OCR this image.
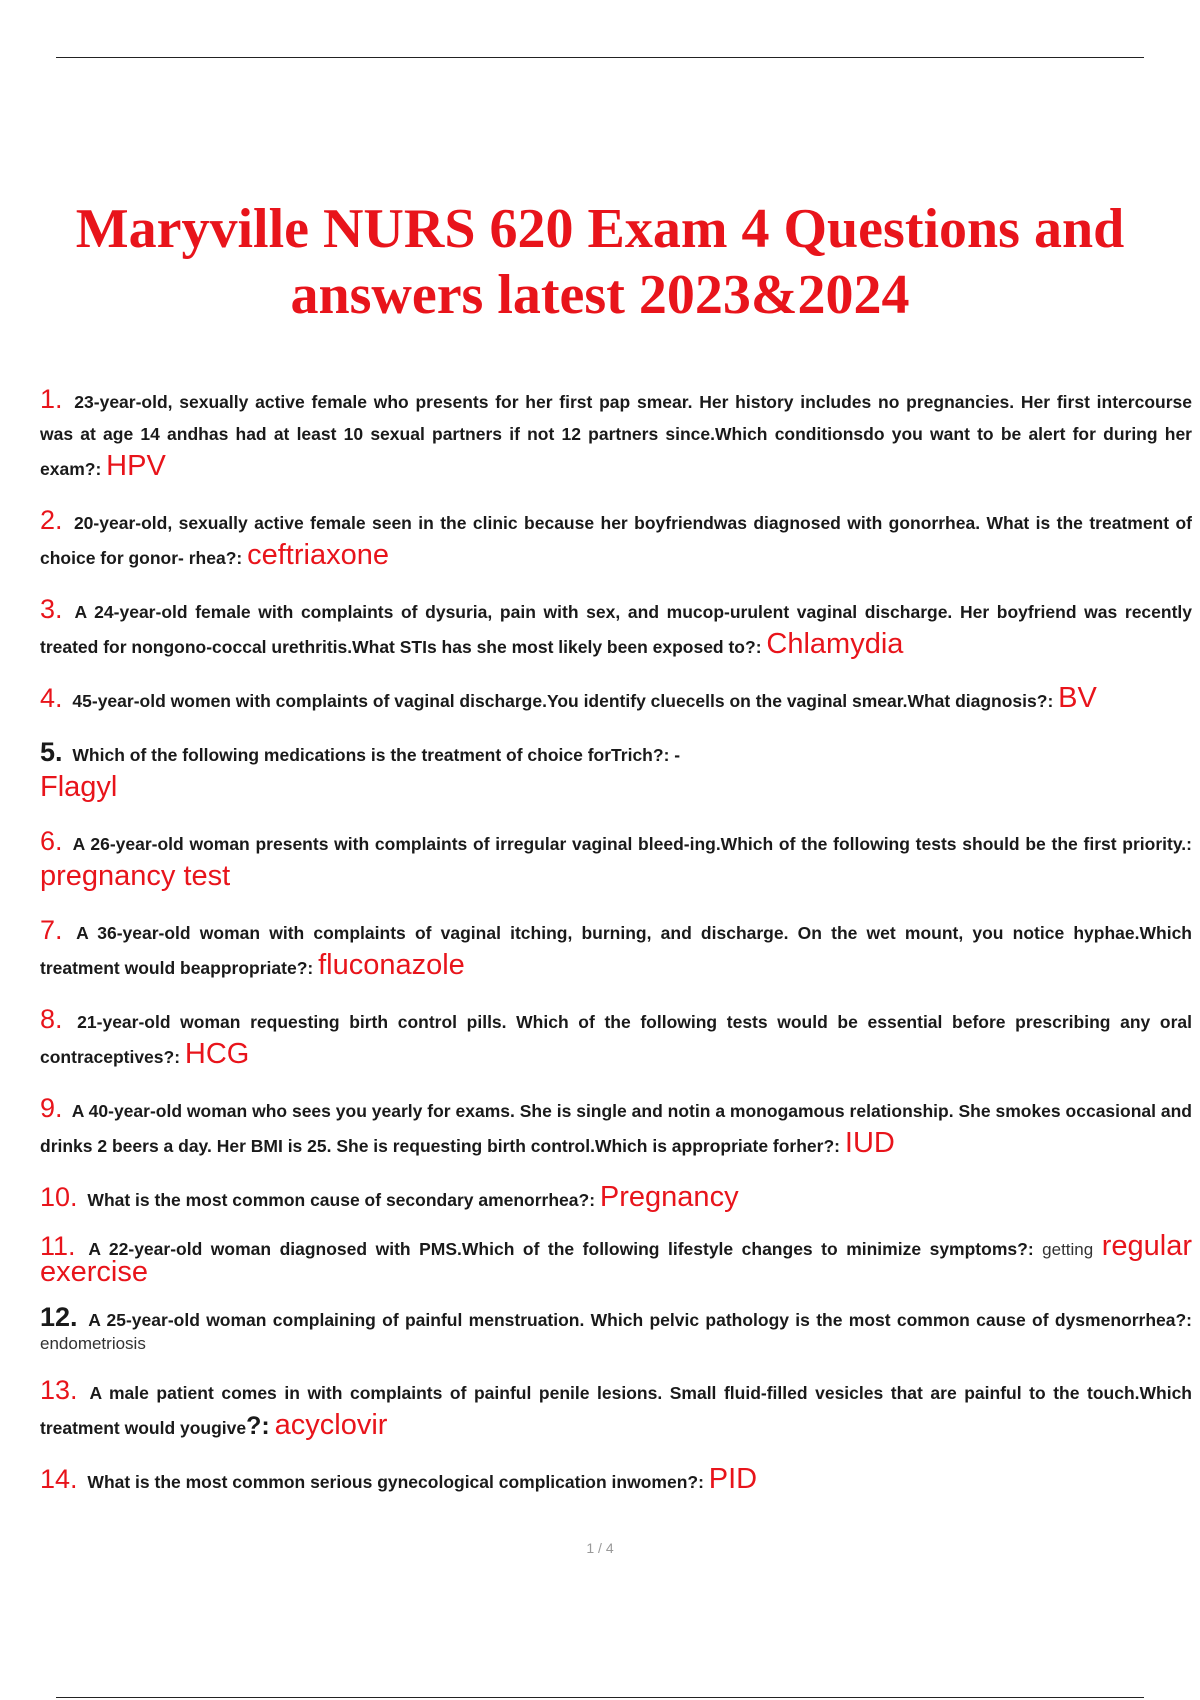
Maryville NURS 620 Exam 4 Questions and answers latest 2023&2024

1. 23-year-old, sexually active female who presents for her first pap smear. Her history includes no pregnancies. Her first intercourse was at age 14 andhas had at least 10 sexual partners if not 12 partners since.Which conditionsdo you want to be alert for during her exam?: HPV

2. 20-year-old, sexually active female seen in the clinic because her boyfriendwas diagnosed with gonorrhea. What is the treatment of choice for gonor- rhea?: ceftriaxone

3. A 24-year-old female with complaints of dysuria, pain with sex, and mucop-urulent vaginal discharge. Her boyfriend was recently treated for nongono-coccal urethritis.What STIs has she most likely been exposed to?: Chlamydia

4. 45-year-old women with complaints of vaginal discharge.You identify cluecells on the vaginal smear.What diagnosis?: BV

5. Which of the following medications is the treatment of choice forTrich?: -
Flagyl

6. A 26-year-old woman presents with complaints of irregular vaginal bleed-ing.Which of the following tests should be the first priority.: pregnancy test

7. A 36-year-old woman with complaints of vaginal itching, burning, and discharge. On the wet mount, you notice hyphae.Which treatment would beappropriate?: fluconazole

8. 21-year-old woman requesting birth control pills. Which of the following tests would be essential before prescribing any oral contraceptives?: HCG

9. A 40-year-old woman who sees you yearly for exams. She is single and notin a monogamous relationship. She smokes occasional and drinks 2 beers a day. Her BMI is 25. She is requesting birth control.Which is appropriate forher?: IUD

10. What is the most common cause of secondary amenorrhea?: Pregnancy

11. A 22-year-old woman diagnosed with PMS.Which of the following lifestyle changes to minimize symptoms?: getting regular exercise

12. A 25-year-old woman complaining of painful menstruation. Which pelvic pathology is the most common cause of dysmenorrhea?: endometriosis

13. A male patient comes in with complaints of painful penile lesions. Small fluid-filled vesicles that are painful to the touch.Which treatment would yougive?: acyclovir

14. What is the most common serious gynecological complication inwomen?: PID

1 / 4
